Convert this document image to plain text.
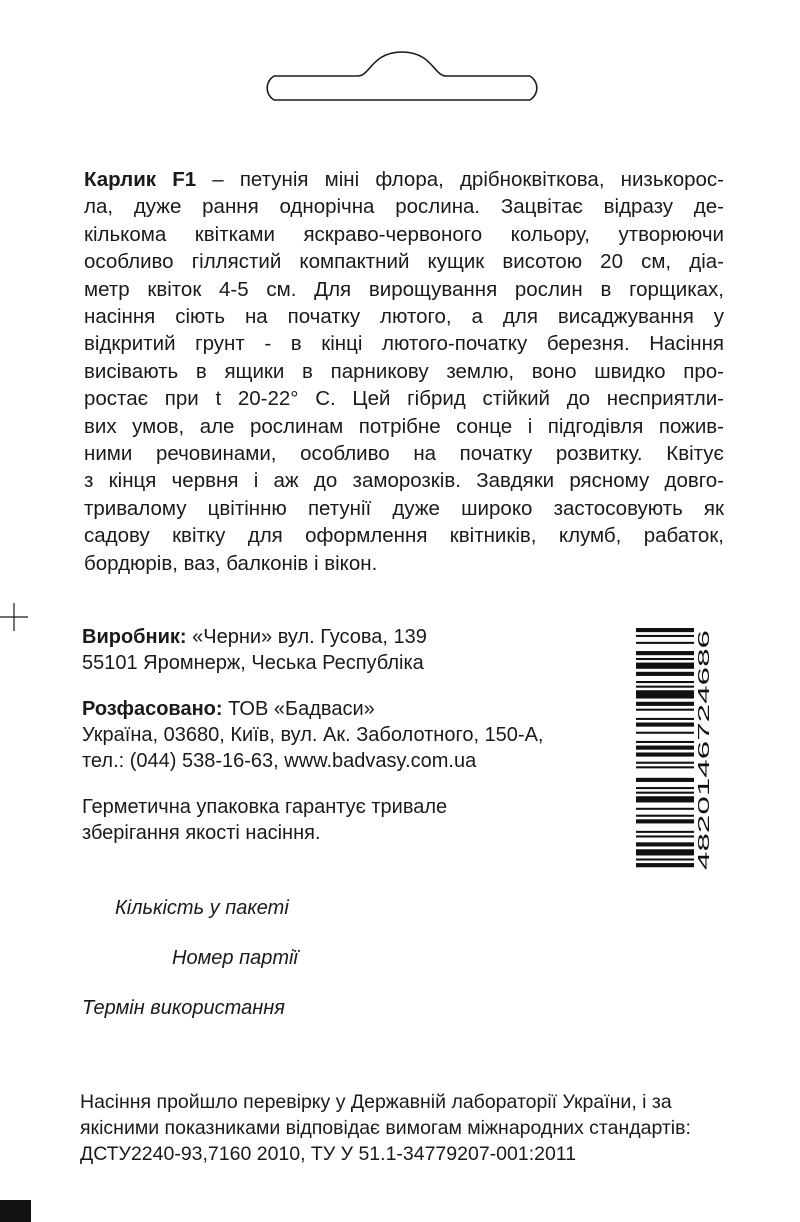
Карлик F1 – петунія міні флора, дрібноквіткова, низькорос-
ла, дуже рання однорічна рослина. Зацвітає відразу де-
кількома квітками яскраво-червоного кольору, утворюючи
особливо гіллястий компактний кущик висотою 20 см, діа-
метр квіток 4-5 см. Для вирощування рослин в горщиках,
насіння сіють на початку лютого, а для висаджування у
відкритий грунт - в кінці лютого-початку березня. Насіння
висівають в ящики в парникову землю, воно швидко про-
ростає при t 20-22° C. Цей гібрид стійкий до несприятли-
вих умов, але рослинам потрібне сонце і підгодівля пожив-
ними речовинами, особливо на початку розвитку. Квітує
з кінця червня і аж до заморозків. Завдяки рясному довго-
тривалому цвітінню петунії дуже широко застосовують як
садову квітку для оформлення квітників, клумб, рабаток,
бордюрів, ваз, балконів і вікон.
Виробник: «Черни» вул. Гусова, 139
55101 Яромнерж, Чеська Республіка
Розфасовано: ТОВ «Бадваси»
Україна, 03680, Київ, вул. Ак. Заболотного, 150-А,
тел.: (044) 538-16-63, www.badvasy.com.ua
Герметична упаковка гарантує тривале
зберігання якості насіння.	4820146724686
Кількість у пакеті
Номер партії
Термін використання
Насіння пройшло перевірку у Державній лабораторії України, і за
якісними показниками відповідає вимогам міжнародних стандартів:
ДСТУ2240-93,7160 2010, ТУ У 51.1-34779207-001:2011
